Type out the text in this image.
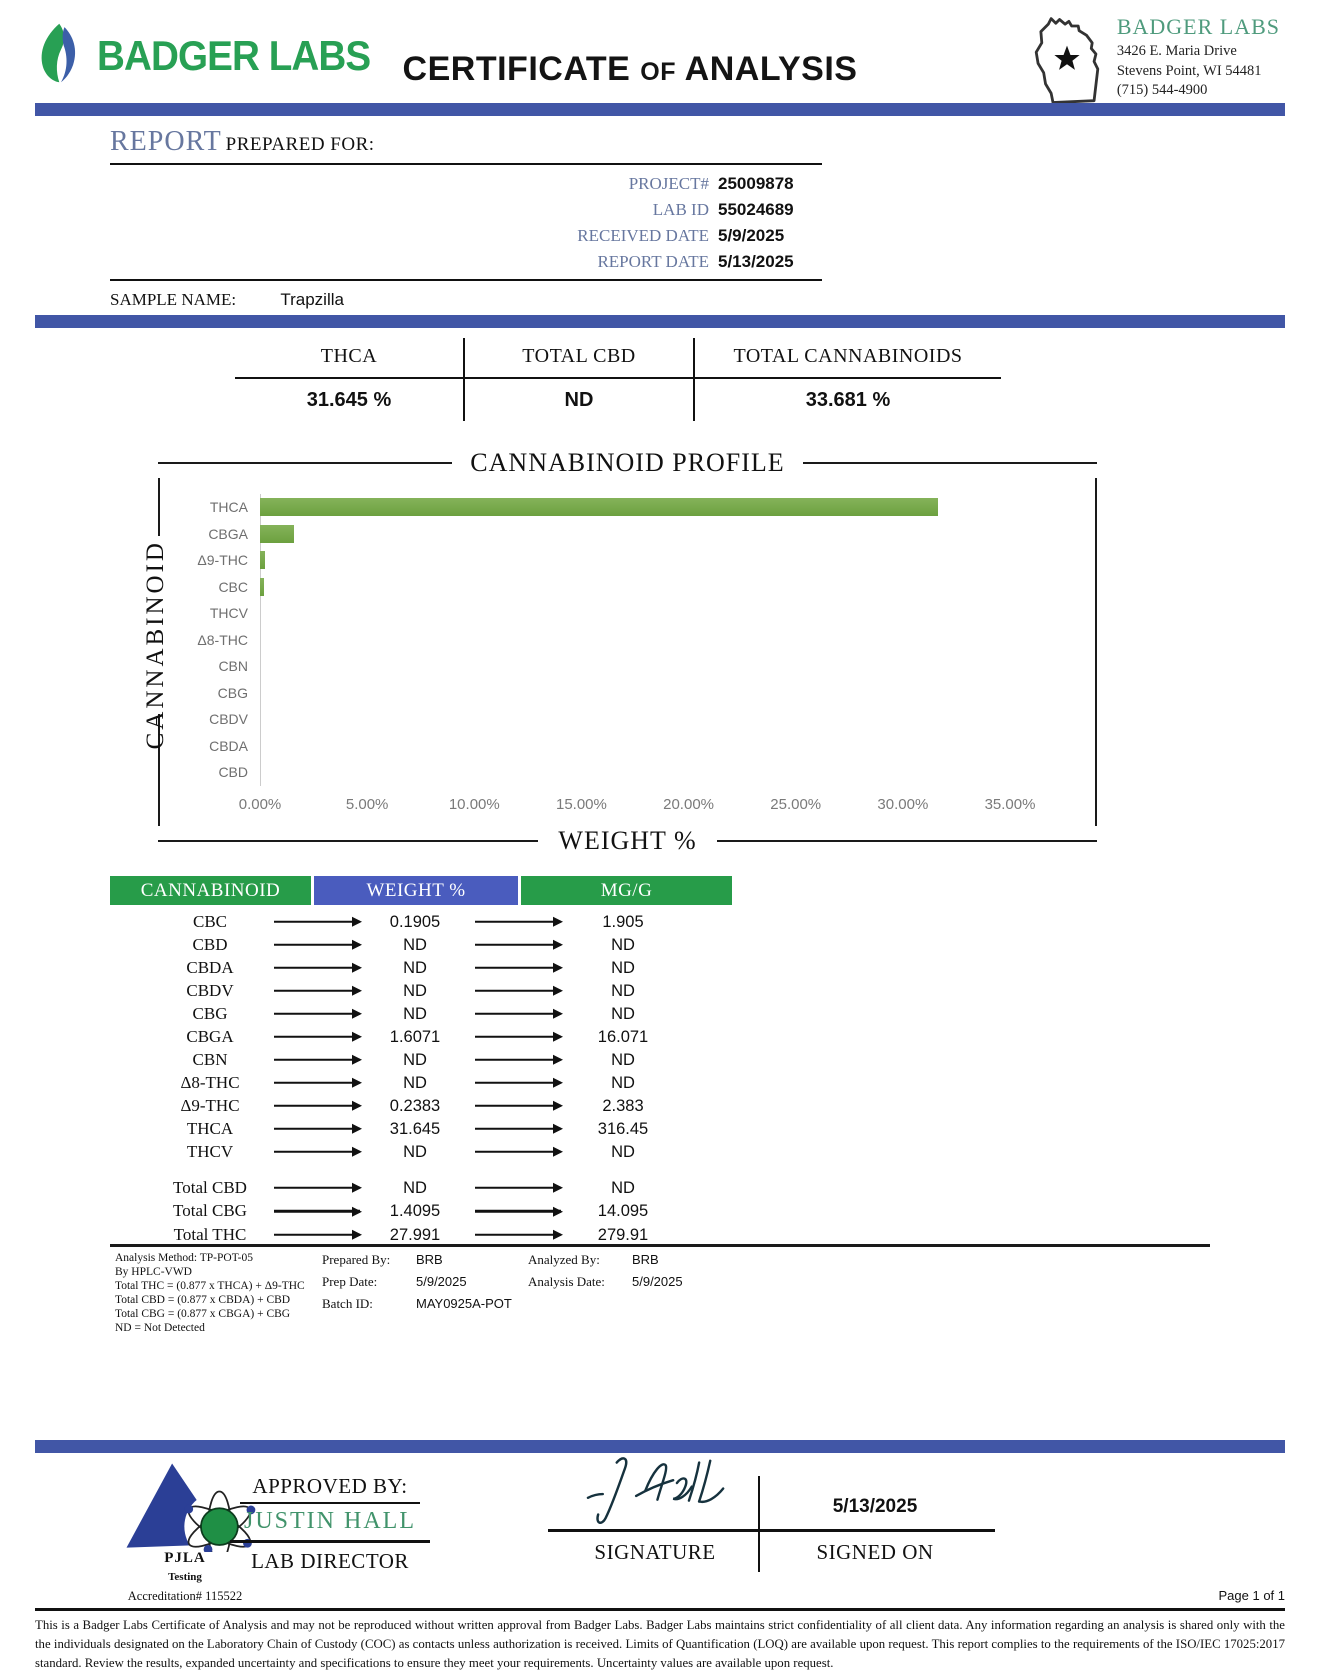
BADGER LABS CERTIFICATE OF ANALYSIS
BADGER LABS
3426 E. Maria Drive
Stevens Point, WI 54481
(715) 544-4900
REPORT PREPARED FOR:
PROJECT# 25009878
LAB ID 55024689
RECEIVED DATE 5/9/2025
REPORT DATE 5/13/2025
SAMPLE NAME:	Trapzilla
THCA
31.645 %
TOTAL CBD
ND
TOTAL CANNABINOIDS
33.681 %
CANNABINOID PROFILE
CANNABINOID
THCA
CBGA
Δ9-THC
CBC
THCV
Δ8-THC
CBN
CBG
CBDV
CBDA
CBD
0.00%	5.00%	10.00%	15.00%	20.00%	25.00%	30.00%	35.00%
WEIGHT %
CANNABINOID	WEIGHT %	MG/G
CBC	0.1905	1.905
CBD	ND	ND
CBDA	ND	ND
CBDV	ND	ND
CBG	ND	ND
CBGA	1.6071	16.071
CBN	ND	ND
Δ8-THC	ND	ND
Δ9-THC	0.2383	2.383
THCA	31.645	316.45
THCV	ND	ND
Total CBD	ND	ND
Total CBG	1.4095	14.095
Total THC	27.991	279.91
Analysis Method: TP-POT-05
By HPLC-VWD
Total THC = (0.877 x THCA) + Δ9-THC
Total CBD = (0.877 x CBDA) + CBD
Total CBG = (0.877 x CBGA) + CBG
ND = Not Detected
Prepared By: BRB
Prep Date:	5/9/2025
Batch ID:	MAY0925A-POT
Analyzed By: BRB
Analysis Date: 5/9/2025
PJLA
Testing
Accreditation# 115522
APPROVED BY:
JUSTIN HALL
LAB DIRECTOR
5/13/2025
SIGNATURE	SIGNED ON
Page 1 of 1
This is a Badger Labs Certificate of Analysis and may not be reproduced without written approval from Badger Labs. Badger Labs maintains strict confidentiality of all client data. Any information regarding an analysis is shared only with the the individuals designated on the Laboratory Chain of Custody (COC) as contacts unless authorization is received. Limits of Quantification (LOQ) are available upon request. This report complies to the requirements of the ISO/IEC 17025:2017 standard. Review the results, expanded uncertainty and specifications to ensure they meet your requirements. Uncertainty values are available upon request.
